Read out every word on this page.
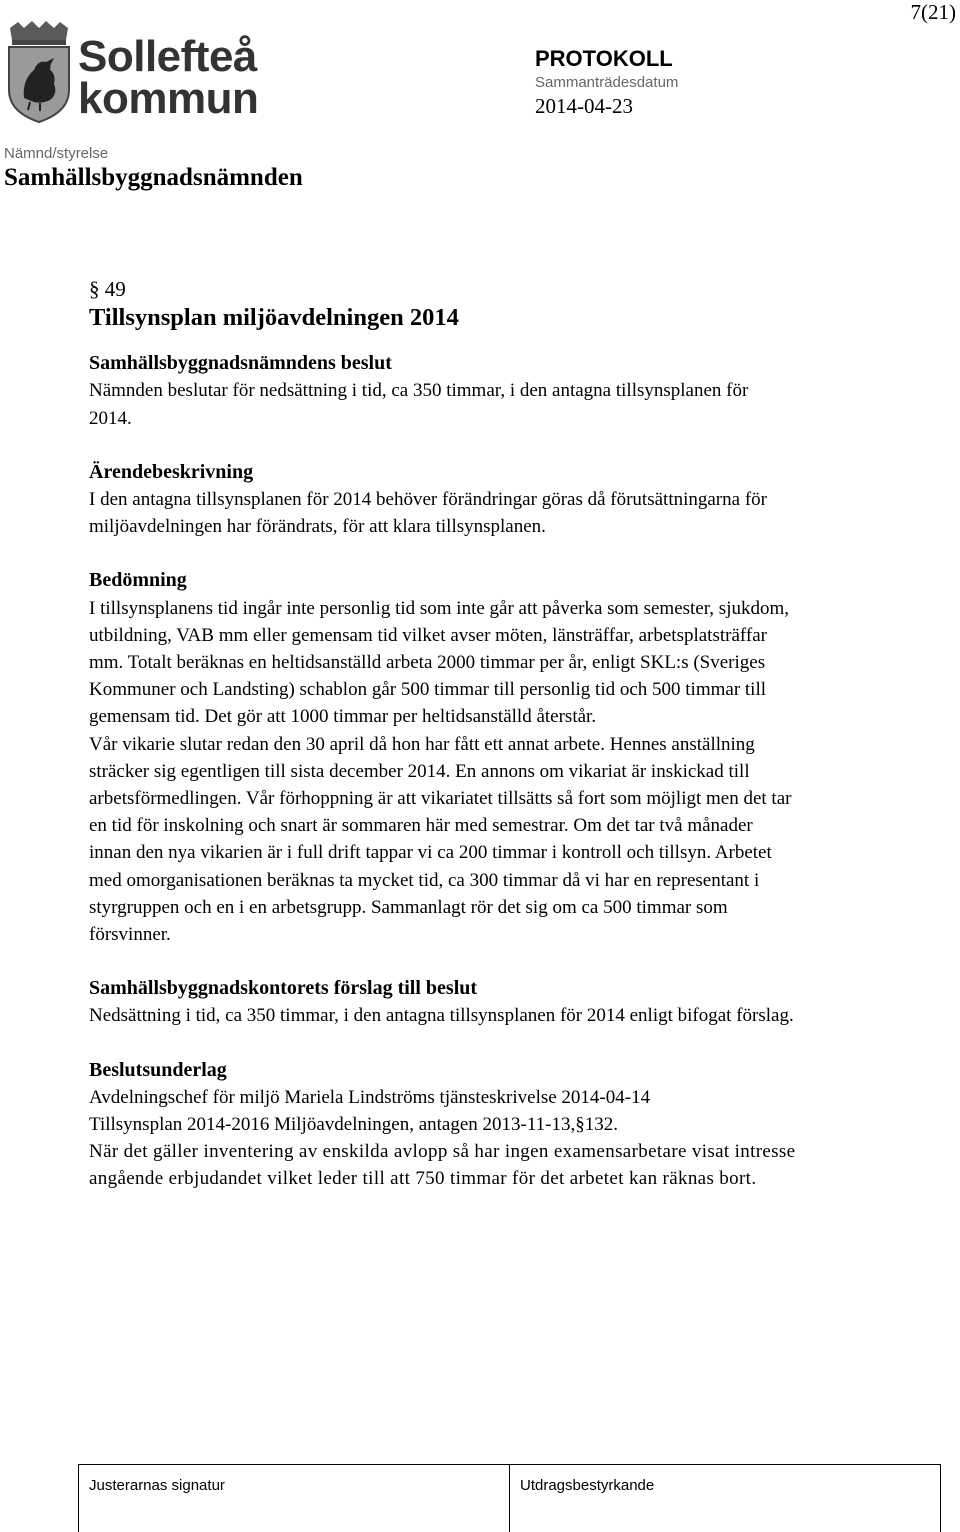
7(21)
Sollefteå
kommun
PROTOKOLL
Sammanträdesdatum
2014-04-23
Nämnd/styrelse
Samhällsbyggnadsnämnden

§ 49

Tillsynsplan miljöavdelningen 2014

Samhällsbyggnadsnämndens beslut

Nämnden beslutar för nedsättning i tid, ca 350 timmar, i den antagna tillsynsplanen för
2014.

Ärendebeskrivning

I den antagna tillsynsplanen för 2014 behöver förändringar göras då förutsättningarna för
miljöavdelningen har förändrats, för att klara tillsynsplanen.

Bedömning

I tillsynsplanens tid ingår inte personlig tid som inte går att påverka som semester, sjukdom,
utbildning, VAB mm eller gemensam tid vilket avser möten, länsträffar, arbetsplatsträffar
mm. Totalt beräknas en heltidsanställd arbeta 2000 timmar per år, enligt SKL:s (Sveriges
Kommuner och Landsting) schablon går 500 timmar till personlig tid och 500 timmar till
gemensam tid. Det gör att 1000 timmar per heltidsanställd återstår.
Vår vikarie slutar redan den 30 april då hon har fått ett annat arbete. Hennes anställning
sträcker sig egentligen till sista december 2014. En annons om vikariat är inskickad till
arbetsförmedlingen. Vår förhoppning är att vikariatet tillsätts så fort som möjligt men det tar
en tid för inskolning och snart är sommaren här med semestrar. Om det tar två månader
innan den nya vikarien är i full drift tappar vi ca 200 timmar i kontroll och tillsyn. Arbetet
med omorganisationen beräknas ta mycket tid, ca 300 timmar då vi har en representant i
styrgruppen och en i en arbetsgrupp. Sammanlagt rör det sig om ca 500 timmar som
försvinner.

Samhällsbyggnadskontorets förslag till beslut

Nedsättning i tid, ca 350 timmar, i den antagna tillsynsplanen för 2014 enligt bifogat förslag.

Beslutsunderlag

Avdelningschef för miljö Mariela Lindströms tjänsteskrivelse 2014-04-14
Tillsynsplan 2014-2016 Miljöavdelningen, antagen 2013-11-13,§132.

När det gäller inventering av enskilda avlopp så har ingen examensarbetare visat intresse
angående erbjudandet vilket leder till att 750 timmar för det arbetet kan räknas bort.

Justerarnas signatur	Utdragsbestyrkande
